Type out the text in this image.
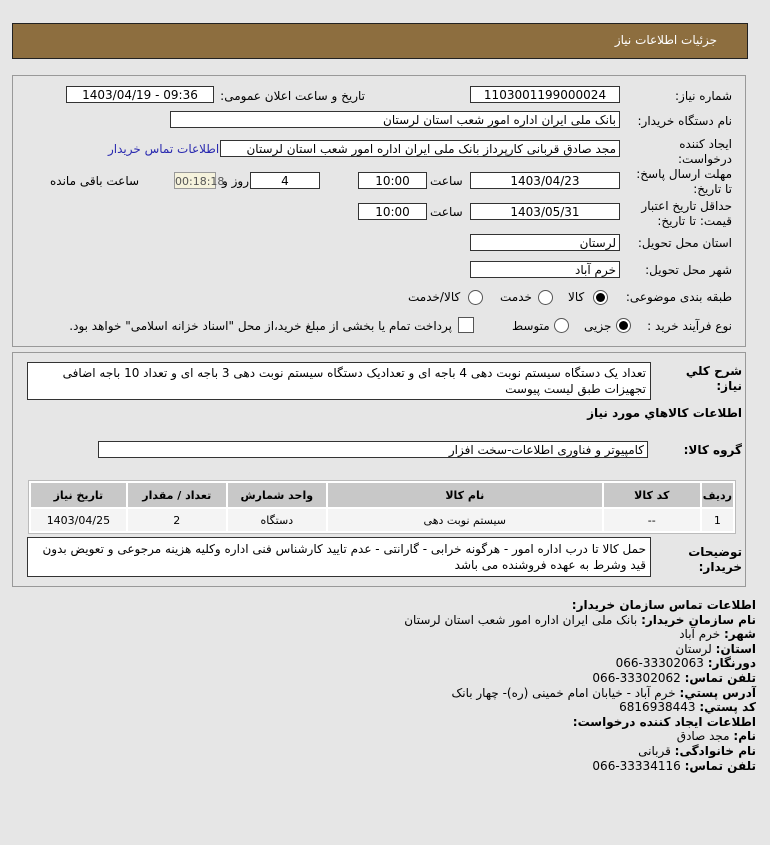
جزئیات اطلاعات نیاز
شماره نیاز:
1103001199000024
تاریخ و ساعت اعلان عمومی:
1403/04/19 - 09:36
نام دستگاه خریدار:
بانک ملی ایران اداره امور شعب استان لرستان
ایجاد کننده درخواست:
مجد صادق قربانی کارپرداز بانک ملی ایران اداره امور شعب استان لرستان
اطلاعات تماس خریدار
مهلت ارسال پاسخ: تا تاریخ:
1403/04/23
ساعت
10:00
4
روز و
00:18:18
ساعت باقی مانده
حداقل تاریخ اعتبار قیمت: تا تاریخ:
1403/05/31
ساعت
10:00
استان محل تحویل:
لرستان
شهر محل تحویل:
خرم آباد
طبقه بندی موضوعی:
کالا
خدمت
کالا/خدمت
نوع فرآیند خرید :
جزیی
متوسط
پرداخت تمام یا بخشی از مبلغ خرید،از محل "اسناد خزانه اسلامی" خواهد بود.
شرح کلي نياز:
تعداد یک دستگاه سیستم نوبت دهی 4 باجه ای و تعدادیک دستگاه سیستم نوبت دهی 3 باجه ای و تعداد 10 باجه اضافی تجهیزات طبق لیست پیوست
اطلاعات کالاهاي مورد نياز
گروه کالا:
کامپیوتر و فناوری اطلاعات-سخت افزار
ردیف	کد کالا	نام کالا	واحد شمارش	تعداد / مقدار	تاریخ نیاز
1	--	سیستم نوبت دهی	دستگاه	2	1403/04/25
توضیحات خریدار:
حمل کالا تا درب اداره امور - هرگونه خرابی - گارانتی - عدم تایید کارشناس فنی اداره وکلیه هزینه مرجوعی و تعویض بدون قید وشرط به عهده فروشنده می باشد
اطلاعات تماس سازمان خریدار:
نام سازمان خریدار: بانک ملی ایران اداره امور شعب استان لرستان
شهر: خرم آباد
استان: لرستان
دورنگار: 066-33302063
تلفن تماس: 066-33302062
آدرس پستي: خرم آباد - خیابان امام خمینی (ره)- چهار بانک
کد پستي: 6816938443
اطلاعات ایجاد کننده درخواست:
نام: مجد صادق
نام خانوادگی: قربانی
تلفن تماس: 066-33334116
